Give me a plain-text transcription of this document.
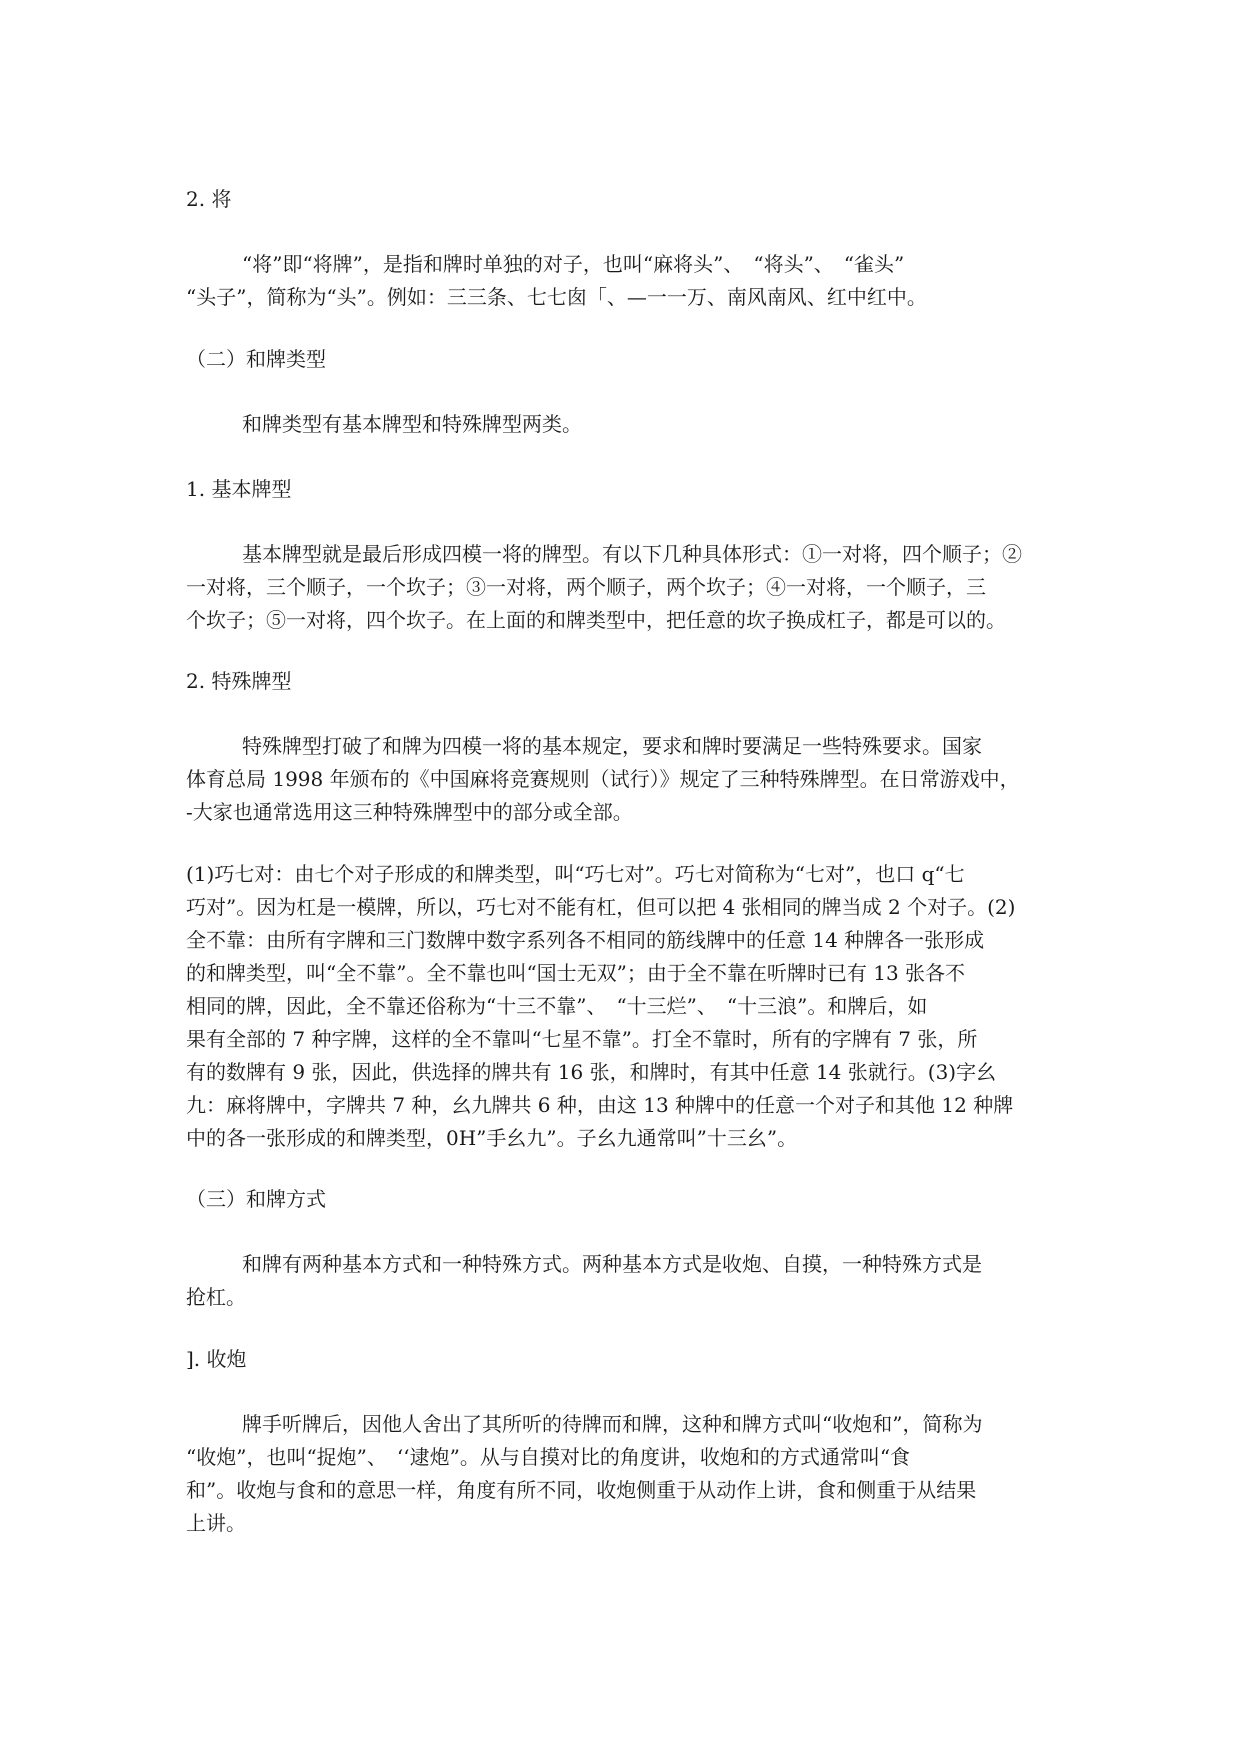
2. 将
“将”即“将牌”，是指和牌时单独的对子，也叫“麻将头”、　“将头”、　“雀头”
“头子”，简称为“头”。例如：三三条、七七囱「、—一一万、南风南风、红中红中。
（二）和牌类型
和牌类型有基本牌型和特殊牌型两类。
1. 基本牌型
基本牌型就是最后形成四模一将的牌型。有以下几种具体形式：①一对将，四个顺子；②
一对将，三个顺子，一个坎子；③一对将，两个顺子，两个坎子；④一对将，一个顺子，三
个坎子；⑤一对将，四个坎子。在上面的和牌类型中，把任意的坎子换成杠子，都是可以的。
2. 特殊牌型
特殊牌型打破了和牌为四模一将的基本规定，要求和牌时要满足一些特殊要求。国家
体育总局 1998 年颁布的《中国麻将竞赛规则（试行）》规定了三种特殊牌型。在日常游戏中，
-大家也通常选用这三种特殊牌型中的部分或全部。
(1)巧七对：由七个对子形成的和牌类型，叫“巧七对”。巧七对简称为“七对”，也口 q“七
巧对”。因为杠是一模牌，所以，巧七对不能有杠，但可以把 4 张相同的牌当成 2 个对子。(2)
全不靠：由所有字牌和三门数牌中数字系列各不相同的筋线牌中的任意 14 种牌各一张形成
的和牌类型，叫“全不靠”。全不靠也叫“国士无双”；由于全不靠在听牌时已有 13 张各不
相同的牌，因此，全不靠还俗称为“十三不靠”、　“十三烂”、　“十三浪”。和牌后，如
果有全部的 7 种字牌，这样的全不靠叫“七星不靠”。打全不靠时，所有的字牌有 7 张，所
有的数牌有 9 张，因此，供选择的牌共有 16 张，和牌时，有其中任意 14 张就行。(3)字幺
九：麻将牌中，字牌共 7 种，幺九牌共 6 种，由这 13 种牌中的任意一个对子和其他 12 种牌
中的各一张形成的和牌类型，0H”手幺九”。子幺九通常叫”十三幺”。
（三）和牌方式
和牌有两种基本方式和一种特殊方式。两种基本方式是收炮、自摸，一种特殊方式是
抢杠。
]. 收炮
牌手听牌后，因他人舍出了其所听的待牌而和牌，这种和牌方式叫“收炮和”，简称为
“收炮”，也叫“捉炮”、　‘‘逮炮”。从与自摸对比的角度讲，收炮和的方式通常叫“食
和”。收炮与食和的意思一样，角度有所不同，收炮侧重于从动作上讲，食和侧重于从结果
上讲。
